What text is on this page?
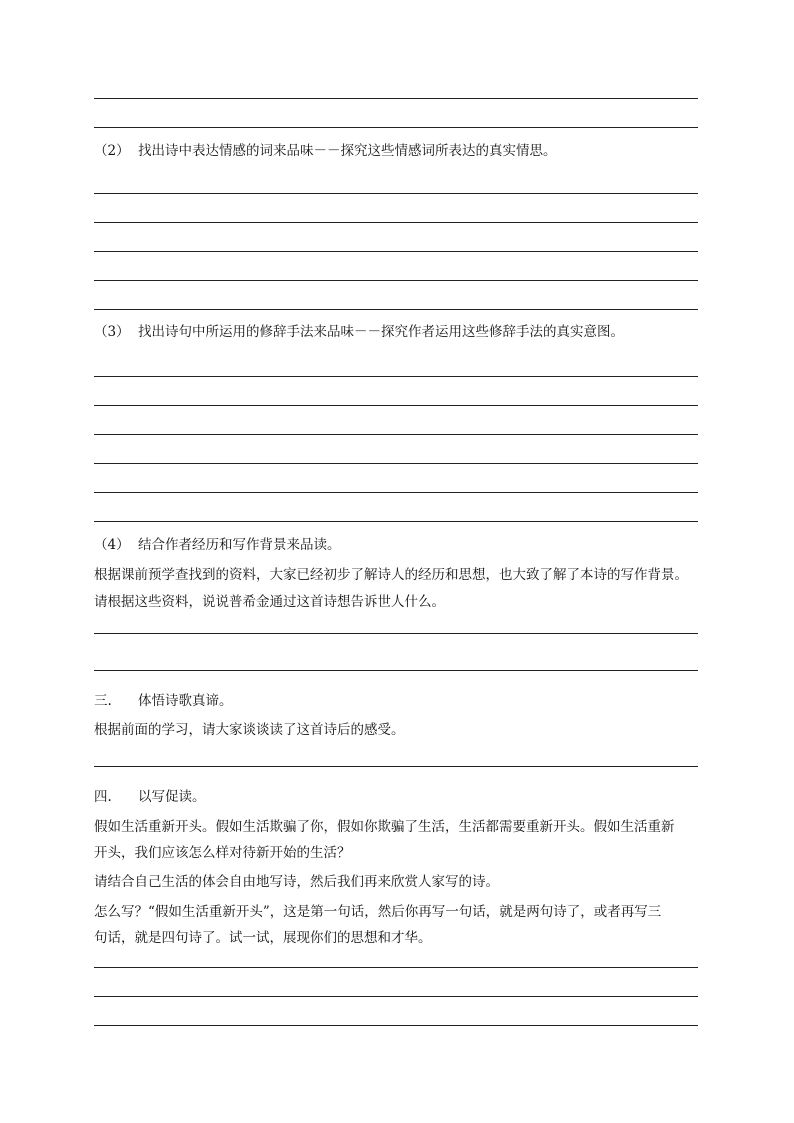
（2） 找出诗中表达情感的词来品味－－探究这些情感词所表达的真实情思。
（3） 找出诗句中所运用的修辞手法来品味－－探究作者运用这些修辞手法的真实意图。
（4） 结合作者经历和写作背景来品读。
根据课前预学查找到的资料，大家已经初步了解诗人的经历和思想，也大致了解了本诗的写作背景。
请根据这些资料，说说普希金通过这首诗想告诉世人什么。
三. 体悟诗歌真谛。
根据前面的学习，请大家谈谈读了这首诗后的感受。
四. 以写促读。
假如生活重新开头。假如生活欺骗了你，假如你欺骗了生活，生活都需要重新开头。假如生活重新
开头，我们应该怎么样对待新开始的生活？
请结合自己生活的体会自由地写诗，然后我们再来欣赏人家写的诗。
怎么写？“假如生活重新开头”，这是第一句话，然后你再写一句话，就是两句诗了，或者再写三
句话，就是四句诗了。试一试，展现你们的思想和才华。
